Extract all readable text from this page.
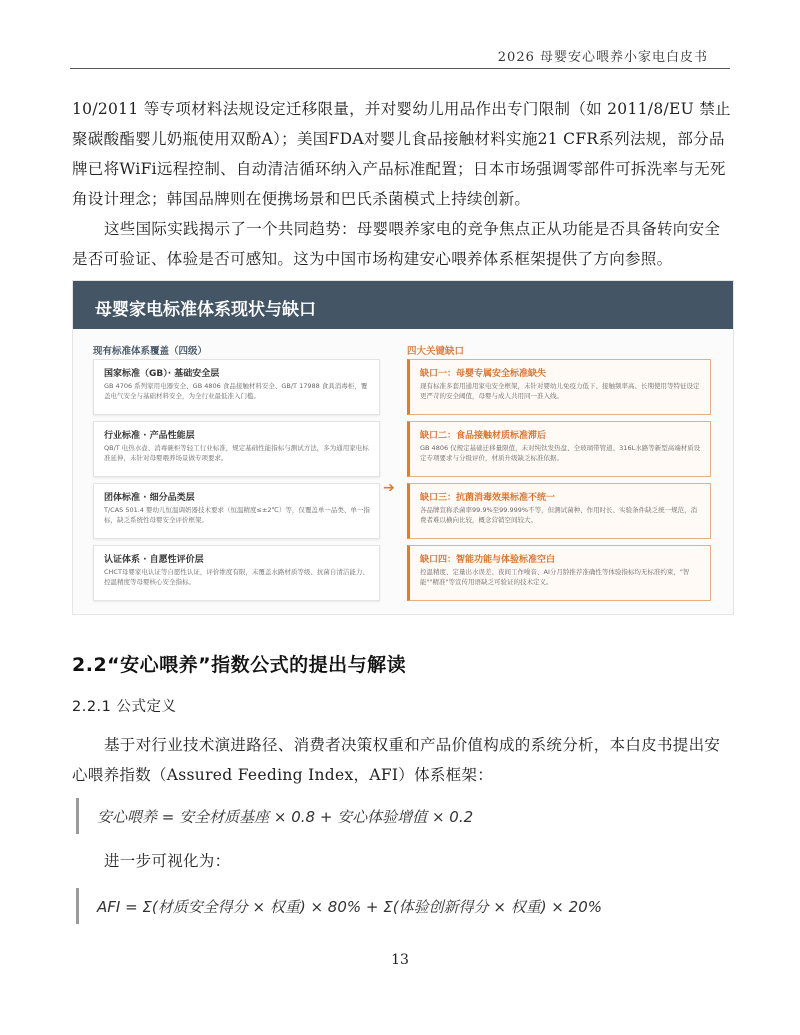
2026 母婴安心喂养小家电白皮书
10/2011 等专项材料法规设定迁移限量，并对婴幼儿用品作出专门限制（如 2011/8/EU 禁止聚碳酸酯婴儿奶瓶使用双酚A）；美国FDA对婴儿食品接触材料实施21 CFR系列法规，部分品牌已将WiFi远程控制、自动清洁循环纳入产品标准配置；日本市场强调零部件可拆洗率与无死角设计理念；韩国品牌则在便携场景和巴氏杀菌模式上持续创新。
这些国际实践揭示了一个共同趋势：母婴喂养家电的竞争焦点正从功能是否具备转向安全是否可验证、体验是否可感知。这为中国市场构建安心喂养体系框架提供了方向参照。
母婴家电标准体系现状与缺口
现有标准体系覆盖（四级）	四大关键缺口
国家标准（GB）· 基础安全层
GB 4706 系列家用电器安全、GB 4806 食品接触材料安全、GB/T 17988 食具消毒柜，覆盖电气安全与基础材料安全，为全行业最低准入门槛。
行业标准 · 产品性能层
QB/T 电热水壶、消毒碗柜等轻工行业标准，规定基础性能指标与测试方法，多为通用家电标准延伸，未针对母婴喂养场景做专项要求。
团体标准 · 细分品类层
T/CAS 501.4 婴幼儿恒温调奶器技术要求（恒温精度≤±2℃）等，仅覆盖单一品类、单一指标，缺乏系统性母婴安全评价框架。
认证体系 · 自愿性评价层
CHCT母婴家电认证等自愿性认证，评价维度有限，未覆盖水路材质等级、抗菌自清洁能力、控温精度等母婴核心安全指标。
➔
缺口一：母婴专属安全标准缺失
现有标准多套用通用家电安全框架，未针对婴幼儿免疫力低下、接触频率高、长期使用等特征设定更严苛的安全阈值，母婴与成人共用同一准入线。
缺口二：食品接触材质标准滞后
GB 4806 仅规定基础迁移量限值，未对纯钛发热盘、全玻璃带管道、316L水路等新型高端材质设定专项要求与分级评价，材质升级缺乏标准依据。
缺口三：抗菌消毒效果标准不统一
各品牌宣称杀菌率99.9%至99.999%不等，但测试菌种、作用时长、实验条件缺乏统一规范，消费者难以横向比较，概念营销空间较大。
缺口四：智能功能与体验标准空白
控温精度、定量出水误差、夜间工作噪音、AI分月龄推荐准确性等体验指标均无标准约束，"智能""精准"等宣传用语缺乏可验证的技术定义。
2.2“安心喂养”指数公式的提出与解读
2.2.1 公式定义
基于对行业技术演进路径、消费者决策权重和产品价值构成的系统分析，本白皮书提出安心喂养指数（Assured Feeding Index，AFI）体系框架：
安心喂养 = 安全材质基座 × 0.8 + 安心体验增值 × 0.2
进一步可视化为：
AFI = Σ(材质安全得分 × 权重) × 80% + Σ(体验创新得分 × 权重) × 20%
13
